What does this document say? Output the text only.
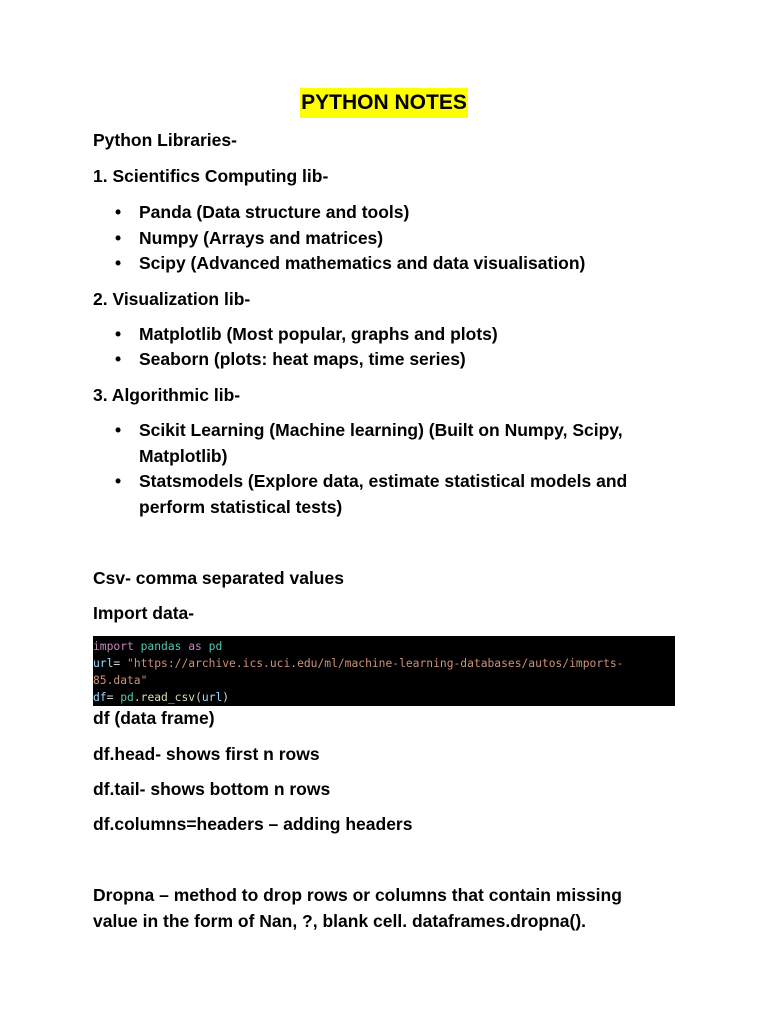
PYTHON NOTES
Python Libraries-
1. Scientifics Computing lib-
• Panda (Data structure and tools)
• Numpy (Arrays and matrices)
• Scipy (Advanced mathematics and data visualisation)
2. Visualization lib-
• Matplotlib (Most popular, graphs and plots)
• Seaborn (plots: heat maps, time series)
3. Algorithmic lib-
• Scikit Learning (Machine learning) (Built on Numpy, Scipy, Matplotlib)
• Statsmodels (Explore data, estimate statistical models and perform statistical tests)
Csv- comma separated values
Import data-
import pandas as pd
url= "https://archive.ics.uci.edu/ml/machine-learning-databases/autos/imports-
85.data"
df= pd.read_csv(url)
df (data frame)
df.head- shows first n rows
df.tail- shows bottom n rows
df.columns=headers – adding headers
Dropna – method to drop rows or columns that contain missing
value in the form of Nan, ?, blank cell. dataframes.dropna().
